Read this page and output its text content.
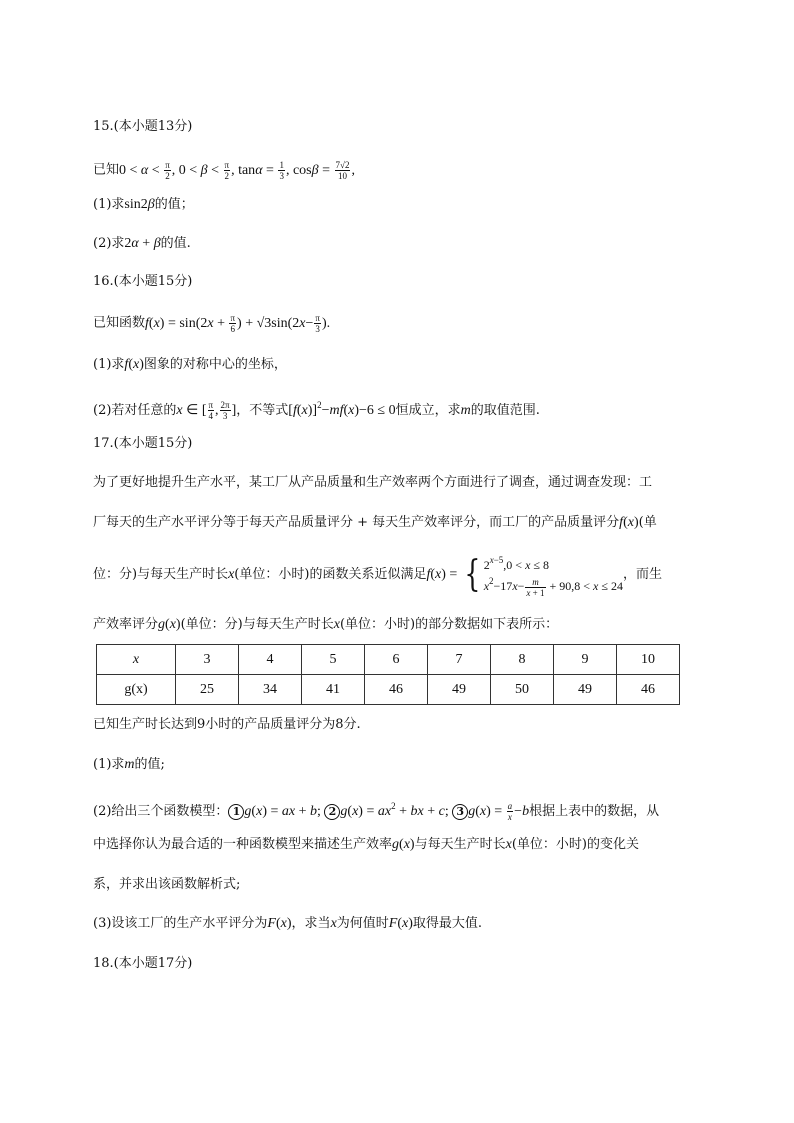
15.(本小题13分)
已知$0 < \alpha < \frac{\pi}{2}$ , $0 < \beta < \frac{\pi}{2}$ , $\tan\alpha = \frac{1}{3}$ , $\cos\beta = \frac{7√2}{10}$ ,
(1)求sin2β的值；
(2)求2α + β的值.
16.(本小题15分)
已知函数$f(x) = \sin(2x + \frac{\pi}{6}$ ) + $√3\sin(2x- \frac{\pi}{3}$ ).
(1)求f(x)图象的对称中心的坐标，
(2)若对任意的x ∈ [ $\frac{\pi}{4}$ , $\frac{2\pi}{3}$ ]，不等式$[f(x)]^2-mf(x)-6 \le 0$恒成立，求m的取值范围.
17.(本小题15分)
为了更好地提升生产水平，某工厂从产品质量和生产效率两个方面进行了调查，通过调查发现：工
厂每天的生产水平评分等于每天产品质量评分 + 每天生产效率评分，而工厂的产品质量评分f(x)(单
位：分)与每天生产时长x(单位：小时)的函数关系近似满足f(x) = { $2^{x-5},0 < x \le 8$
$x^2-17x- \frac{m}{x + 1} + 90,8 < x \le 24$，而生
产效率评分g(x)(单位：分)与每天生产时长x(单位：小时)的部分数据如下表所示：
x	3	4	5	6	7	8	9	10
g(x)	25	34	41	46	49	50	49	46
已知生产时长达到9小时的产品质量评分为8分.
(1)求m的值;
(2)给出三个函数模型： 1 g(x) = ax + b; 2 $g(x) = ax^2$ + bx + c; 3 $g(x) = \frac{a}{x} -b$根据上表中的数据，从
中选择你认为最合适的一种函数模型来描述生产效率g(x)与每天生产时长x(单位：小时)的变化关
系，并求出该函数解析式;
(3)设该工厂的生产水平评分为F(x)，求当x为何值时F(x)取得最大值.
18.(本小题17分)
